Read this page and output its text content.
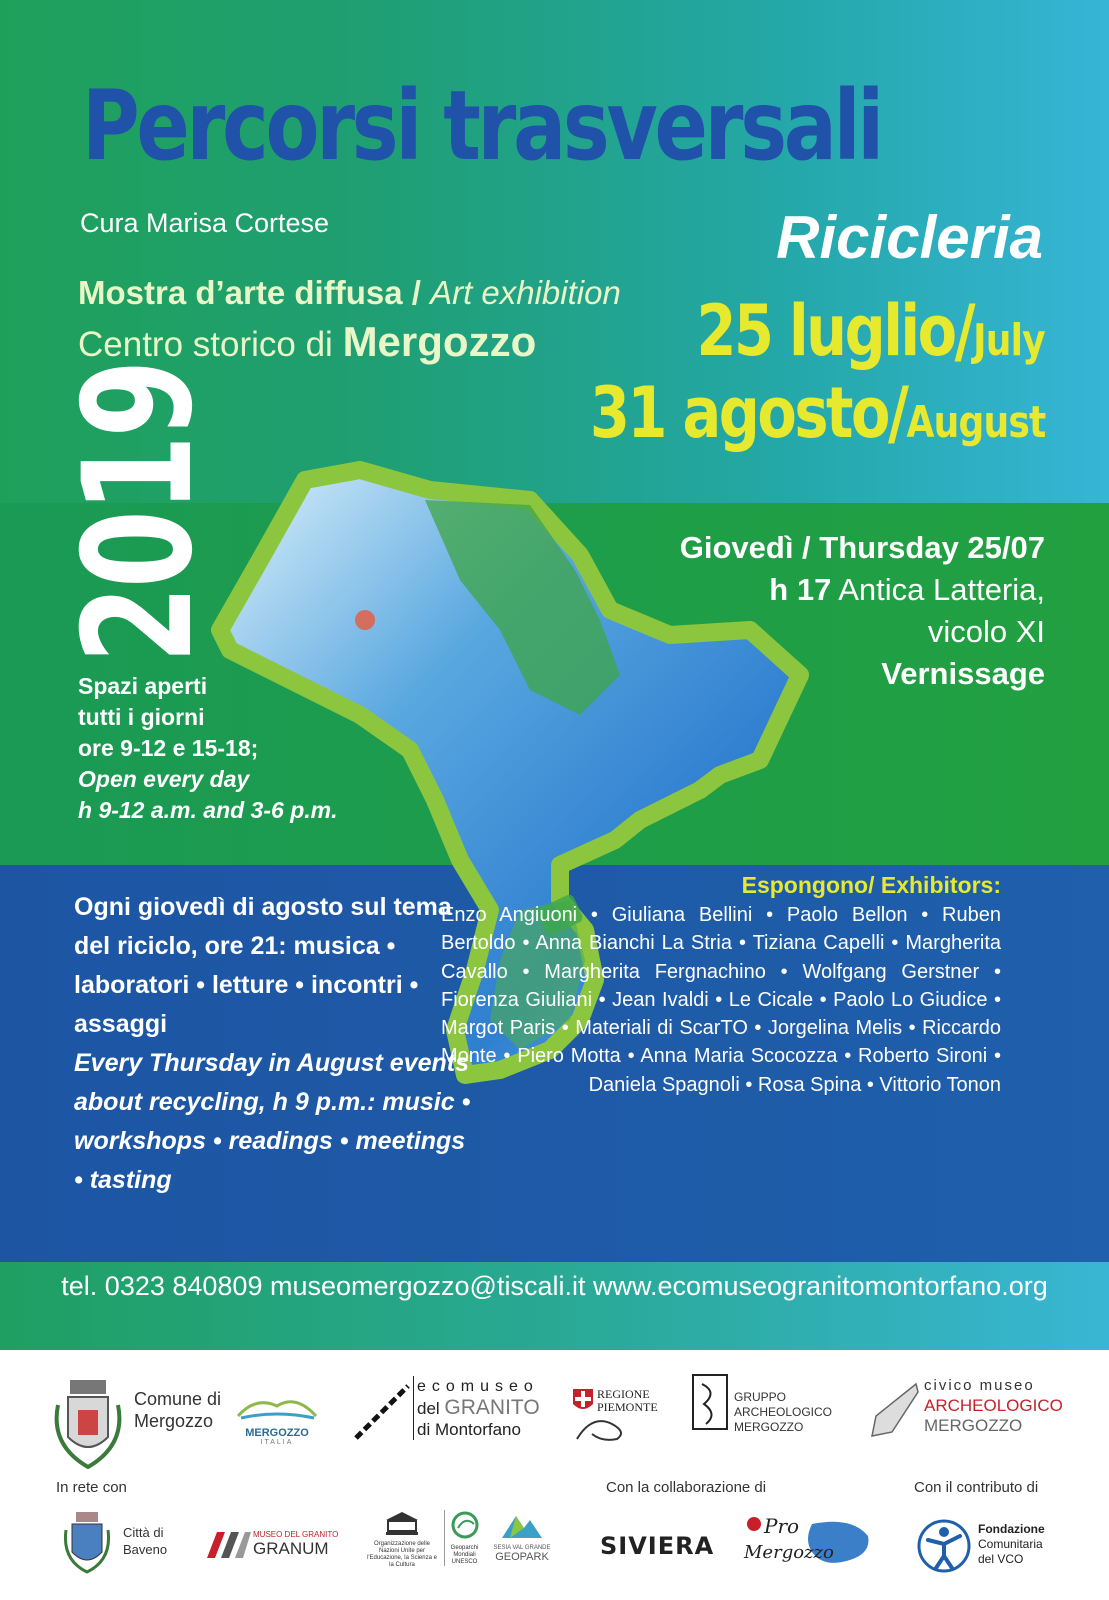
Percorsi trasversali
Cura Marisa Cortese	Ricicleria
Mostra d’arte diffusa / Art exhibition
Centro storico di Mergozzo
2019
25 luglio/July
31 agosto/August
Giovedì / Thursday 25/07
h 17 Antica Latteria,
vicolo XI
Vernissage
Spazi aperti
tutti i giorni
ore 9-12 e 15-18;
Open every day
h 9-12 a.m. and 3-6 p.m.
Ogni giovedì di agosto sul tema del riciclo, ore 21: musica • laboratori • letture • incontri • assaggi
Every Thursday in August events about recycling, h 9 p.m.: music • workshops • readings • meetings • tasting
Espongono/ Exhibitors:

Enzo Angiuoni • Giuliana Bellini • Paolo Bellon • Ruben Bertoldo • Anna Bianchi La Stria • Tiziana Capelli • Margherita Cavallo • Margherita Fergnachino • Wolfgang Gerstner • Fiorenza Giuliani • Jean Ivaldi • Le Cicale • Paolo Lo Giudice • Margot Paris • Materiali di ScarTO • Jorgelina Melis • Riccardo Monte • Piero Motta • Anna Maria Scocozza • Roberto Sironi • Daniela Spagnoli • Rosa Spina • Vittorio Tonon

tel. 0323 840809 museomergozzo@tiscali.it www.ecomuseogranitomontorfano.org
Comune di
Mergozzo
MERGOZZO
ITALIA
ecomuseo
del GRANITO
di Montorfano
REGIONE
PIEMONTE
GRUPPO
ARCHEOLOGICO
MERGOZZO
civico museo
ARCHEOLOGICO
MERGOZZO
In rete con	Con la collaborazione di	Con il contributo di
Città di
Baveno
MUSEO DEL GRANITO
GRANUM	Organizzazione delle Nazioni Unite per l'Educazione, la Scienza e la Cultura
Geoparchi Mondiali UNESCO
SESIA VAL GRANDE
GEOPARK SIVIERA
Pro
Mergozzo
Fondazione
Comunitaria
del VCO
